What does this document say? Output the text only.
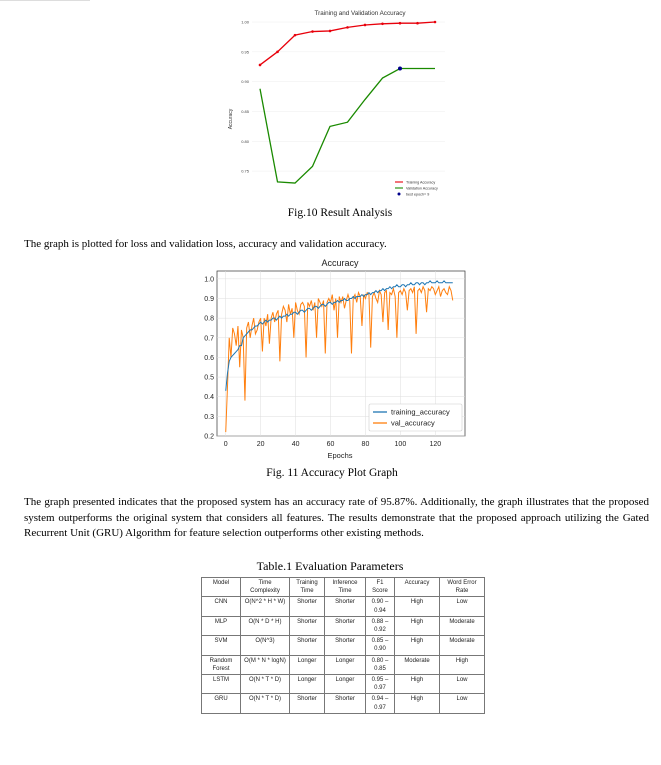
Training and Validation Accuracy
Accuracy
0.75
0.80
0.85
0.90
0.95
1.00
Training Accuracy
Validation Accuracy
best epoch= 9
Fig.10 Result Analysis
The graph is plotted for loss and validation loss, accuracy and validation accuracy.
Accuracy
Epochs
0	20	40	60	80	100	120
0.2
0.3
0.4
0.5
0.6
0.7
0.8
0.9
1.0
training_accuracy
val_accuracy
Fig. 11 Accuracy Plot Graph
The graph presented indicates that the proposed system has an accuracy rate of 95.87%. Additionally, the graph illustrates that the proposed system outperforms the original system that considers all features. The results demonstrate that the proposed approach utilizing the Gated Recurrent Unit (GRU) Algorithm for feature selection outperforms other existing methods.
Table.1 Evaluation Parameters
Model	Time Complexity	Training Time	Inference Time	F1 Score	Accuracy	Word Error Rate
CNN	O(N^2 * H * W)	Shorter	Shorter	0.90 – 0.94	High	Low
MLP	O(N * D * H)	Shorter	Shorter	0.88 – 0.92	High	Moderate
SVM	O(N^3)	Shorter	Shorter	0.85 – 0.90	High	Moderate
Random Forest	O(M * N * logN)	Longer	Longer	0.80 – 0.85	Moderate	High
LSTM	O(N * T * D)	Longer	Longer	0.95 – 0.97	High	Low
GRU	O(N * T * D)	Shorter	Shorter	0.94 – 0.97	High	Low
